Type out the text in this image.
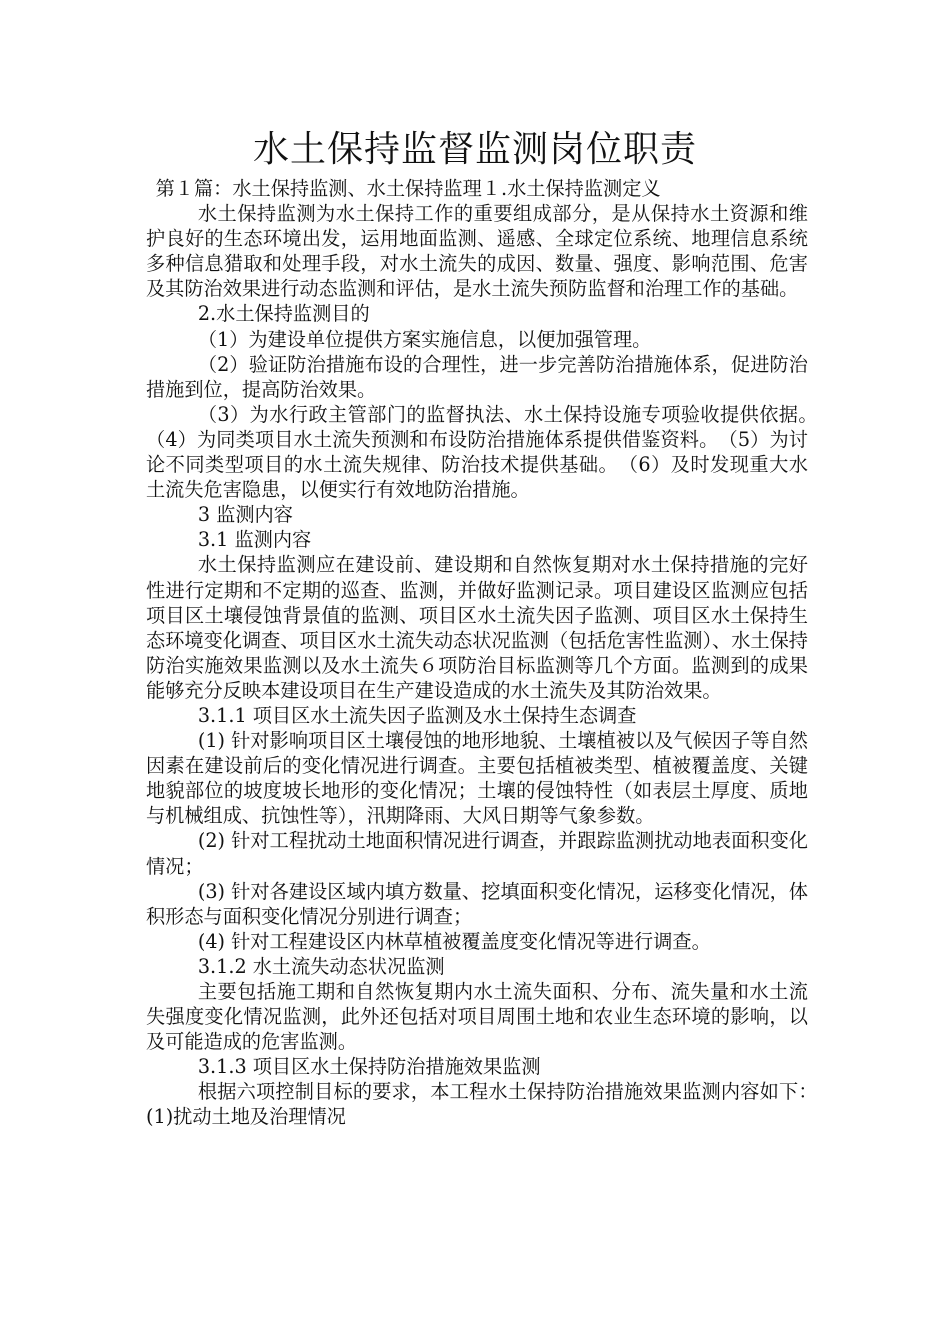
水土保持监督监测岗位职责

第１篇：水土保持监测、水土保持监理１.水土保持监测定义

水土保持监测为水土保持工作的重要组成部分，是从保持水土资源和维护良好的生态环境出发，运用地面监测、遥感、全球定位系统、地理信息系统多种信息猎取和处理手段，对水土流失的成因、数量、强度、影响范围、危害及其防治效果进行动态监测和评估，是水土流失预防监督和治理工作的基础。

2.水土保持监测目的

（1）为建设单位提供方案实施信息，以便加强管理。

（2）验证防治措施布设的合理性，进一步完善防治措施体系，促进防治措施到位，提高防治效果。

（3）为水行政主管部门的监督执法、水土保持设施专项验收提供依据。　（4）为同类项目水土流失预测和布设防治措施体系提供借鉴资料。　（5）为讨论不同类型项目的水土流失规律、防治技术提供基础。　（6）及时发现重大水土流失危害隐患，以便实行有效地防治措施。

3 监测内容

3.1 监测内容

水土保持监测应在建设前、建设期和自然恢复期对水土保持措施的完好性进行定期和不定期的巡查、监测，并做好监测记录。项目建设区监测应包括项目区土壤侵蚀背景值的监测、项目区水土流失因子监测、项目区水土保持生态环境变化调查、项目区水土流失动态状况监测（包括危害性监测）、水土保持防治实施效果监测以及水土流失６项防治目标监测等几个方面。监测到的成果能够充分反映本建设项目在生产建设造成的水土流失及其防治效果。

3.1.1 项目区水土流失因子监测及水土保持生态调查

(1) 针对影响项目区土壤侵蚀的地形地貌、土壤植被以及气候因子等自然因素在建设前后的变化情况进行调查。主要包括植被类型、植被覆盖度、关键地貌部位的坡度坡长地形的变化情况；土壤的侵蚀特性（如表层土厚度、质地与机械组成、抗蚀性等），汛期降雨、大风日期等气象参数。

(2) 针对工程扰动土地面积情况进行调查，并跟踪监测扰动地表面积变化情况；

(3) 针对各建设区域内填方数量、挖填面积变化情况，运移变化情况，体积形态与面积变化情况分别进行调查；

(4) 针对工程建设区内林草植被覆盖度变化情况等进行调查。

3.1.2 水土流失动态状况监测

主要包括施工期和自然恢复期内水土流失面积、分布、流失量和水土流失强度变化情况监测，此外还包括对项目周围土地和农业生态环境的影响，以及可能造成的危害监测。

3.1.3 项目区水土保持防治措施效果监测

根据六项控制目标的要求，本工程水土保持防治措施效果监测内容如下：　(1)扰动土地及治理情况
